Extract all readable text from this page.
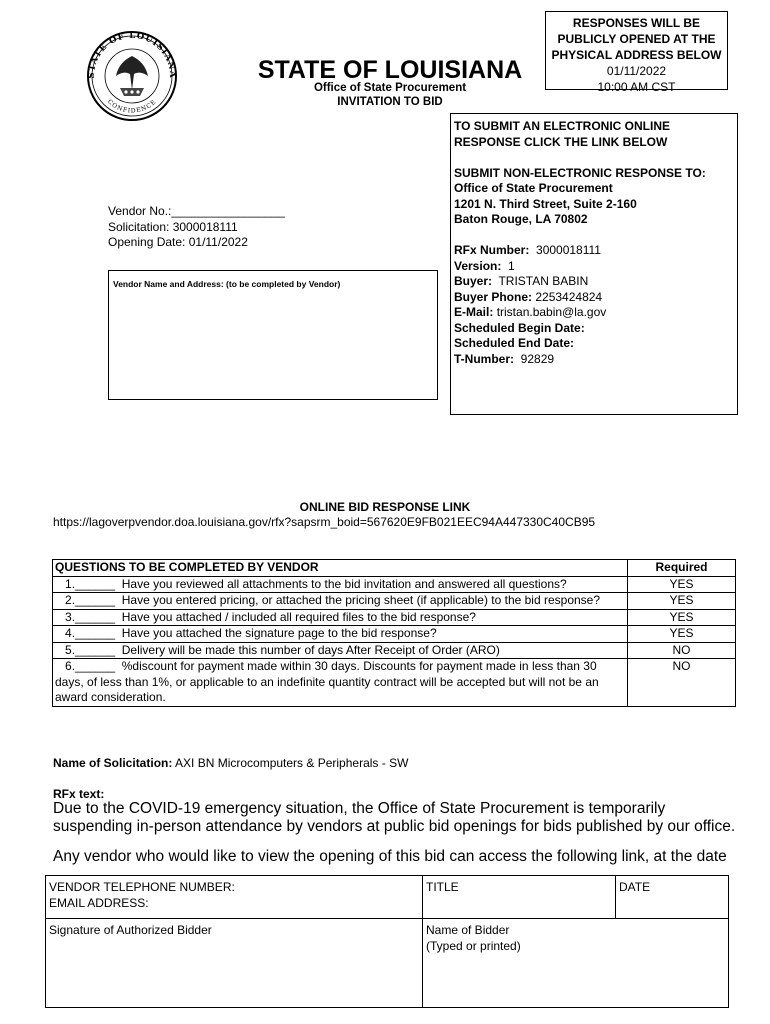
STATE OF LOUISIANA
CONFIDENCE
STATE OF LOUISIANA
Office of State Procurement
INVITATION TO BID
RESPONSES WILL BE
PUBLICLY OPENED AT THE
PHYSICAL ADDRESS BELOW
01/11/2022
10:00 AM CST
Vendor No.:_________________
Solicitation: 3000018111
Opening Date: 01/11/2022
Vendor Name and Address: (to be completed by Vendor)
TO SUBMIT AN ELECTRONIC ONLINE
RESPONSE CLICK THE LINK BELOW
SUBMIT NON-ELECTRONIC RESPONSE TO:
Office of State Procurement
1201 N. Third Street, Suite 2-160
Baton Rouge, LA 70802
RFx Number: 3000018111
Version: 1
Buyer: TRISTAN BABIN
Buyer Phone: 2253424824
E-Mail: tristan.babin@la.gov
Scheduled Begin Date:
Scheduled End Date:
T-Number: 92829
ONLINE BID RESPONSE LINK
https://lagoverpvendor.doa.louisiana.gov/rfx?sapsrm_boid=567620E9FB021EEC94A447330C40CB95
QUESTIONS TO BE COMPLETED BY VENDOR	Required
1.______  Have you reviewed all attachments to the bid invitation and answered all questions?	YES
2.______  Have you entered pricing, or attached the pricing sheet (if applicable) to the bid response?	YES
3.______  Have you attached / included all required files to the bid response?	YES
4.______  Have you attached the signature page to the bid response?	YES
5.______  Delivery will be made this number of days After Receipt of Order (ARO)	NO
6.______  %discount for payment made within 30 days. Discounts for payment made in less than 30 days, of less than 1%, or applicable to an indefinite quantity contract will be accepted but will not be an award consideration.	NO
Name of Solicitation: AXI BN Microcomputers & Peripherals - SW
RFx text:
Due to the COVID-19 emergency situation, the Office of State Procurement is temporarily suspending in-person attendance by vendors at public bid openings for bids published by our office.
Any vendor who would like to view the opening of this bid can access the following link, at the date
VENDOR TELEPHONE NUMBER:
EMAIL ADDRESS:	TITLE	DATE
Signature of Authorized Bidder	Name of Bidder
(Typed or printed)	
